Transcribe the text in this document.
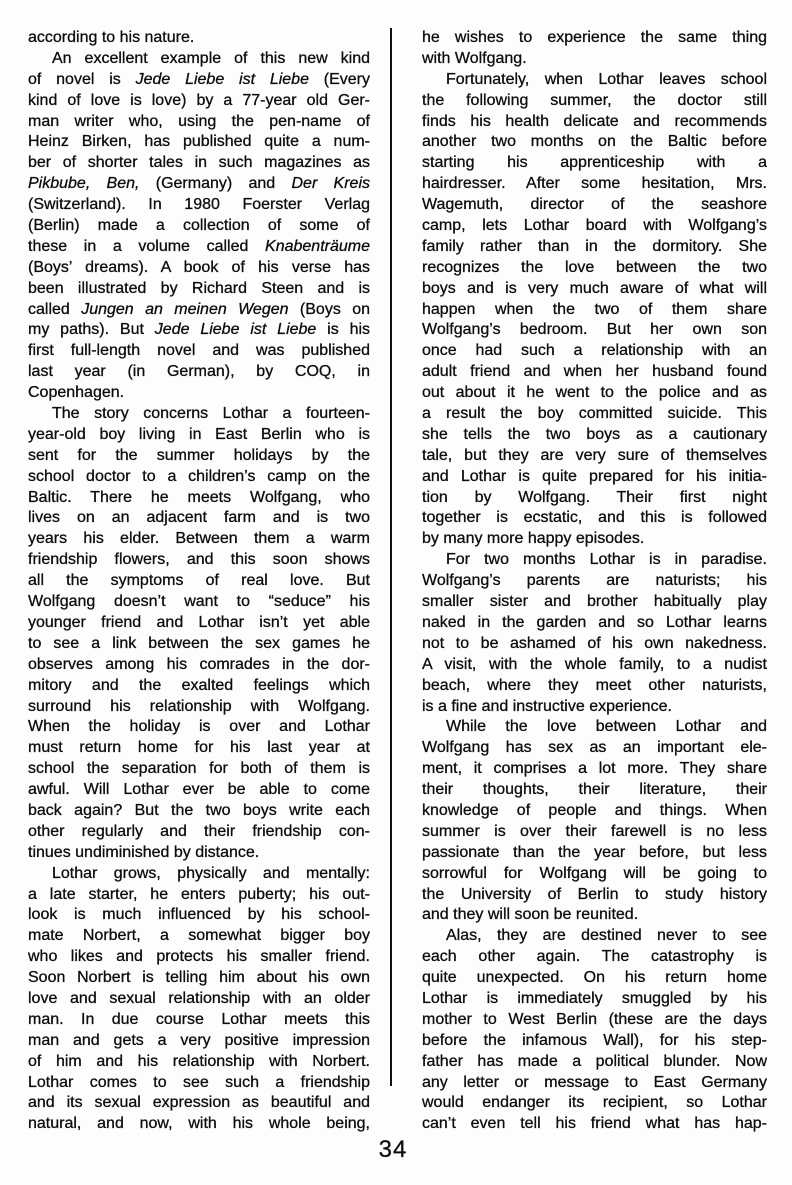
according to his nature.
An excellent example of this new kind
of novel is Jede Liebe ist Liebe (Every
kind of love is love) by a 77-year old Ger-
man writer who, using the pen-name of
Heinz Birken, has published quite a num-
ber of shorter tales in such magazines as
Pikbube, Ben, (Germany) and Der Kreis
(Switzerland). In 1980 Foerster Verlag
(Berlin) made a collection of some of
these in a volume called Knabenträume
(Boys’ dreams). A book of his verse has
been illustrated by Richard Steen and is
called Jungen an meinen Wegen (Boys on
my paths). But Jede Liebe ist Liebe is his
first full-length novel and was published
last year (in German), by COQ, in
Copenhagen.
The story concerns Lothar a fourteen-
year-old boy living in East Berlin who is
sent for the summer holidays by the
school doctor to a children’s camp on the
Baltic. There he meets Wolfgang, who
lives on an adjacent farm and is two
years his elder. Between them a warm
friendship flowers, and this soon shows
all the symptoms of real love. But
Wolfgang doesn’t want to “seduce” his
younger friend and Lothar isn’t yet able
to see a link between the sex games he
observes among his comrades in the dor-
mitory and the exalted feelings which
surround his relationship with Wolfgang.
When the holiday is over and Lothar
must return home for his last year at
school the separation for both of them is
awful. Will Lothar ever be able to come
back again? But the two boys write each
other regularly and their friendship con-
tinues undiminished by distance.
Lothar grows, physically and mentally:
a late starter, he enters puberty; his out-
look is much influenced by his school-
mate Norbert, a somewhat bigger boy
who likes and protects his smaller friend.
Soon Norbert is telling him about his own
love and sexual relationship with an older
man. In due course Lothar meets this
man and gets a very positive impression
of him and his relationship with Norbert.
Lothar comes to see such a friendship
and its sexual expression as beautiful and
natural, and now, with his whole being,
he wishes to experience the same thing
with Wolfgang.
Fortunately, when Lothar leaves school
the following summer, the doctor still
finds his health delicate and recommends
another two months on the Baltic before
starting his apprenticeship with a
hairdresser. After some hesitation, Mrs.
Wagemuth, director of the seashore
camp, lets Lothar board with Wolfgang’s
family rather than in the dormitory. She
recognizes the love between the two
boys and is very much aware of what will
happen when the two of them share
Wolfgang’s bedroom. But her own son
once had such a relationship with an
adult friend and when her husband found
out about it he went to the police and as
a result the boy committed suicide. This
she tells the two boys as a cautionary
tale, but they are very sure of themselves
and Lothar is quite prepared for his initia-
tion by Wolfgang. Their first night
together is ecstatic, and this is followed
by many more happy episodes.
For two months Lothar is in paradise.
Wolfgang’s parents are naturists; his
smaller sister and brother habitually play
naked in the garden and so Lothar learns
not to be ashamed of his own nakedness.
A visit, with the whole family, to a nudist
beach, where they meet other naturists,
is a fine and instructive experience.
While the love between Lothar and
Wolfgang has sex as an important ele-
ment, it comprises a lot more. They share
their thoughts, their literature, their
knowledge of people and things. When
summer is over their farewell is no less
passionate than the year before, but less
sorrowful for Wolfgang will be going to
the University of Berlin to study history
and they will soon be reunited.
Alas, they are destined never to see
each other again. The catastrophy is
quite unexpected. On his return home
Lothar is immediately smuggled by his
mother to West Berlin (these are the days
before the infamous Wall), for his step-
father has made a political blunder. Now
any letter or message to East Germany
would endanger its recipient, so Lothar
can’t even tell his friend what has hap-
34
